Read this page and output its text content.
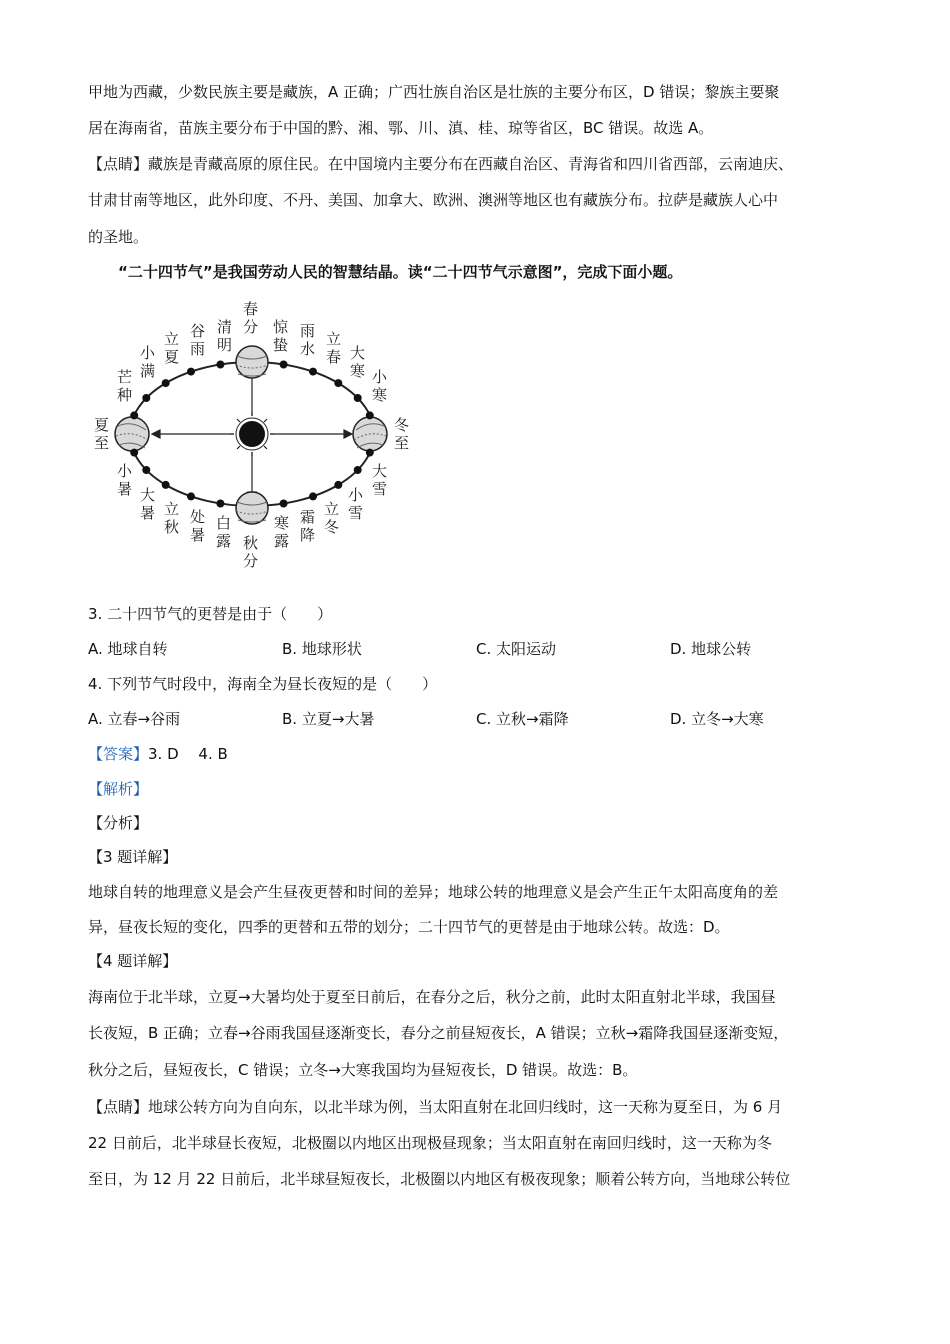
甲地为西藏，少数民族主要是藏族，A 正确；广西壮族自治区是壮族的主要分布区，D 错误；黎族主要聚
居在海南省，苗族主要分布于中国的黔、湘、鄂、川、滇、桂、琼等省区，BC 错误。故选 A。
【点睛】藏族是青藏高原的原住民。在中国境内主要分布在西藏自治区、青海省和四川省西部，云南迪庆、
甘肃甘南等地区，此外印度、不丹、美国、加拿大、欧洲、澳洲等地区也有藏族分布。拉萨是藏族人心中
的圣地。
“二十四节气”是我国劳动人民的智慧结晶。读“二十四节气示意图”，完成下面小题。
春 分
秋 分
夏 至
冬 至
清明
谷雨
立夏
小满
芒种
惊蛰
雨水
立春 大寒 小寒
大雪
小雪
立冬
霜降
寒露
小暑 大暑 立秋
处暑
白露
3. 二十四节气的更替是由于（　　）
A. 地球自转	B. 地球形状	C. 太阳运动	D. 地球公转
4. 下列节气时段中，海南全为昼长夜短的是（　　）
A. 立春→谷雨	B. 立夏→大暑	C. 立秋→霜降	D. 立冬→大寒
【答案】3. D　 4. B
【解析】
【分析】
【3 题详解】
地球自转的地理意义是会产生昼夜更替和时间的差异；地球公转的地理意义是会产生正午太阳高度角的差
异，昼夜长短的变化，四季的更替和五带的划分；二十四节气的更替是由于地球公转。故选：D。
【4 题详解】
海南位于北半球，立夏→大暑均处于夏至日前后，在春分之后，秋分之前，此时太阳直射北半球，我国昼
长夜短，B 正确；立春→谷雨我国昼逐渐变长，春分之前昼短夜长，A 错误；立秋→霜降我国昼逐渐变短，
秋分之后，昼短夜长，C 错误；立冬→大寒我国均为昼短夜长，D 错误。故选：B。
【点睛】地球公转方向为自向东，以北半球为例，当太阳直射在北回归线时，这一天称为夏至日，为 6 月
22 日前后，北半球昼长夜短，北极圈以内地区出现极昼现象；当太阳直射在南回归线时，这一天称为冬
至日，为 12 月 22 日前后，北半球昼短夜长，北极圈以内地区有极夜现象；顺着公转方向，当地球公转位
